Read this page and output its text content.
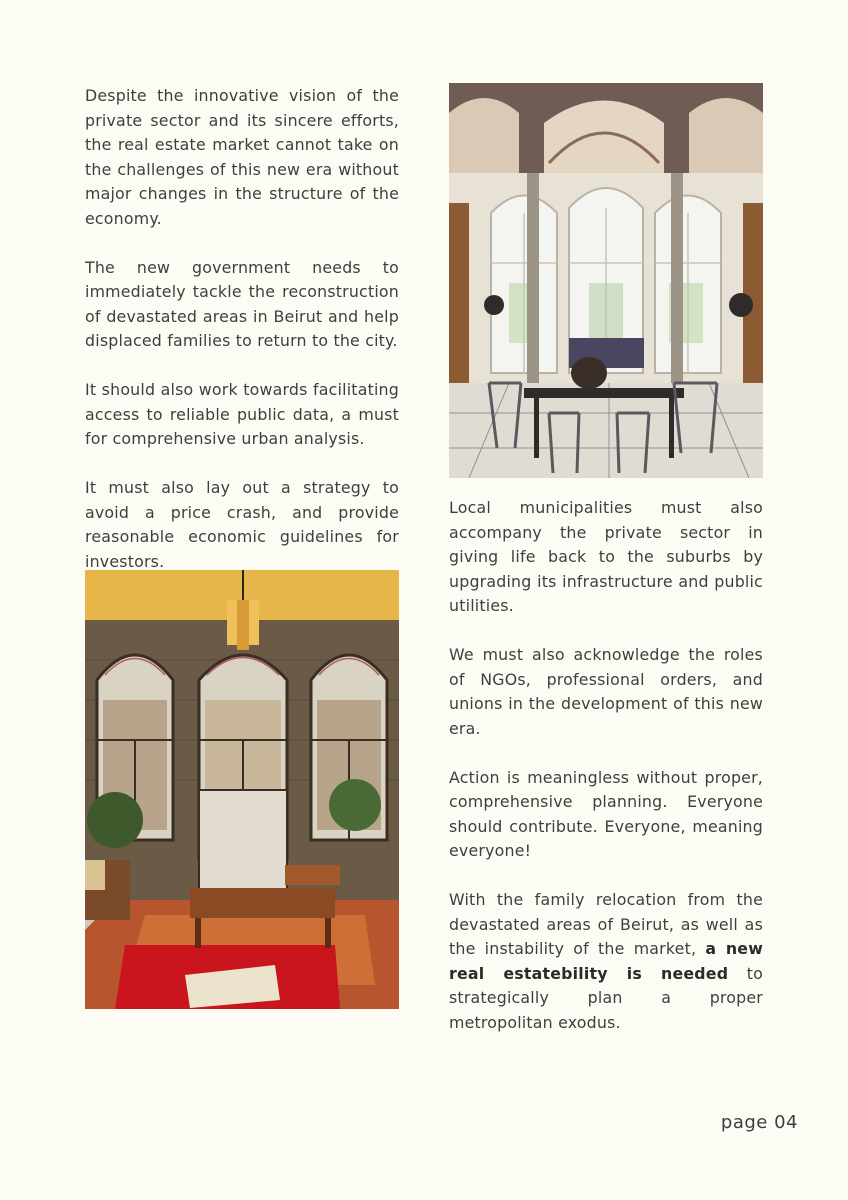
Despite the innovative vision of the private sector and its sincere efforts, the real estate market cannot take on the challenges of this new era without major changes in the structure of the economy.

The new government needs to immediately tackle the reconstruction of devastated areas in Beirut and help displaced families to return to the city.

It should also work towards facilitating access to reliable public data, a must for comprehensive urban analysis.

It must also lay out a strategy to avoid a price crash, and provide reasonable economic guidelines for investors.

Local municipalities must also accompany the private sector in giving life back to the suburbs by upgrading its infrastructure and public utilities.

We must also acknowledge the roles of NGOs, professional orders, and unions in the development of this new era.

Action is meaningless without proper, comprehensive planning. Everyone should contribute. Everyone, meaning everyone!

With the family relocation from the devastated areas of Beirut, as well as the instability of the market, a new real estatebility is needed to strategically plan a proper metropolitan exodus.

page 04
